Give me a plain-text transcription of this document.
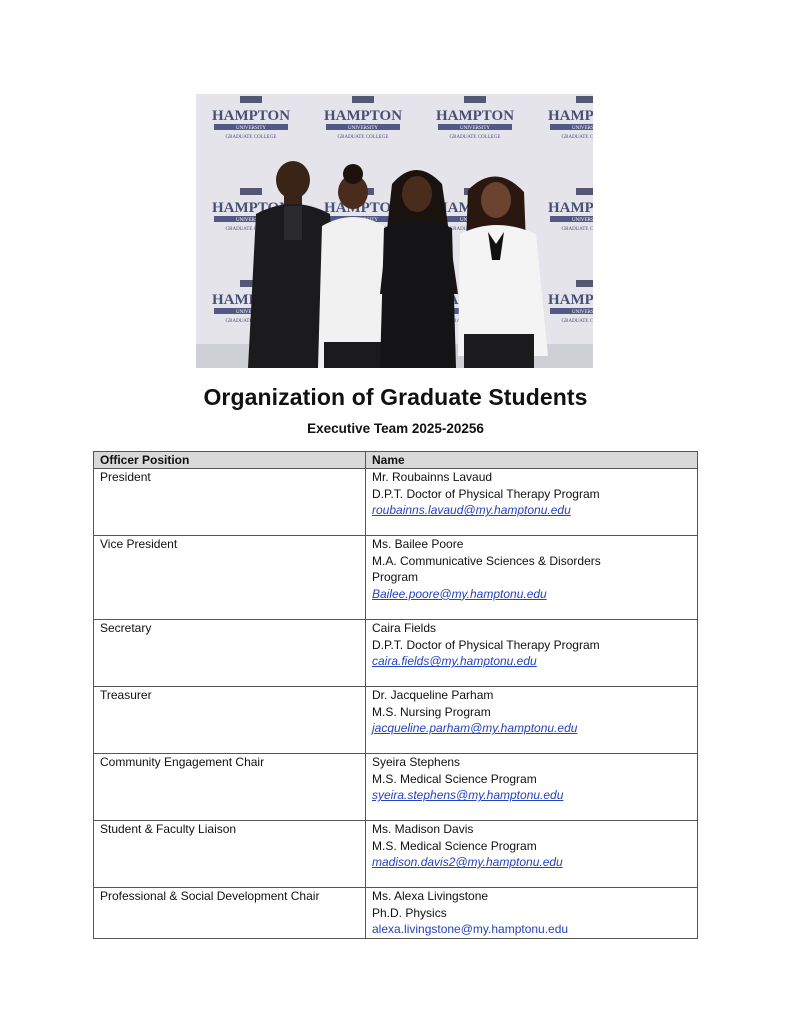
Organization of Graduate Students
Executive Team 2025-20256
Officer Position	Name
President	Mr. Roubainns Lavaud
D.P.T. Doctor of Physical Therapy Program
roubainns.lavaud@my.hamptonu.edu

Vice President	Ms. Bailee Poore
M.A. Communicative Sciences & Disorders
Program
Bailee.poore@my.hamptonu.edu

Secretary	Caira Fields
D.P.T. Doctor of Physical Therapy Program
caira.fields@my.hamptonu.edu

Treasurer	Dr. Jacqueline Parham
M.S. Nursing Program
jacqueline.parham@my.hamptonu.edu

Community Engagement Chair	Syeira Stephens
M.S. Medical Science Program
syeira.stephens@my.hamptonu.edu

Student & Faculty Liaison	Ms. Madison Davis
M.S. Medical Science Program
madison.davis2@my.hamptonu.edu

Professional & Social Development Chair	Ms. Alexa Livingstone
Ph.D. Physics
alexa.livingstone@my.hamptonu.edu
